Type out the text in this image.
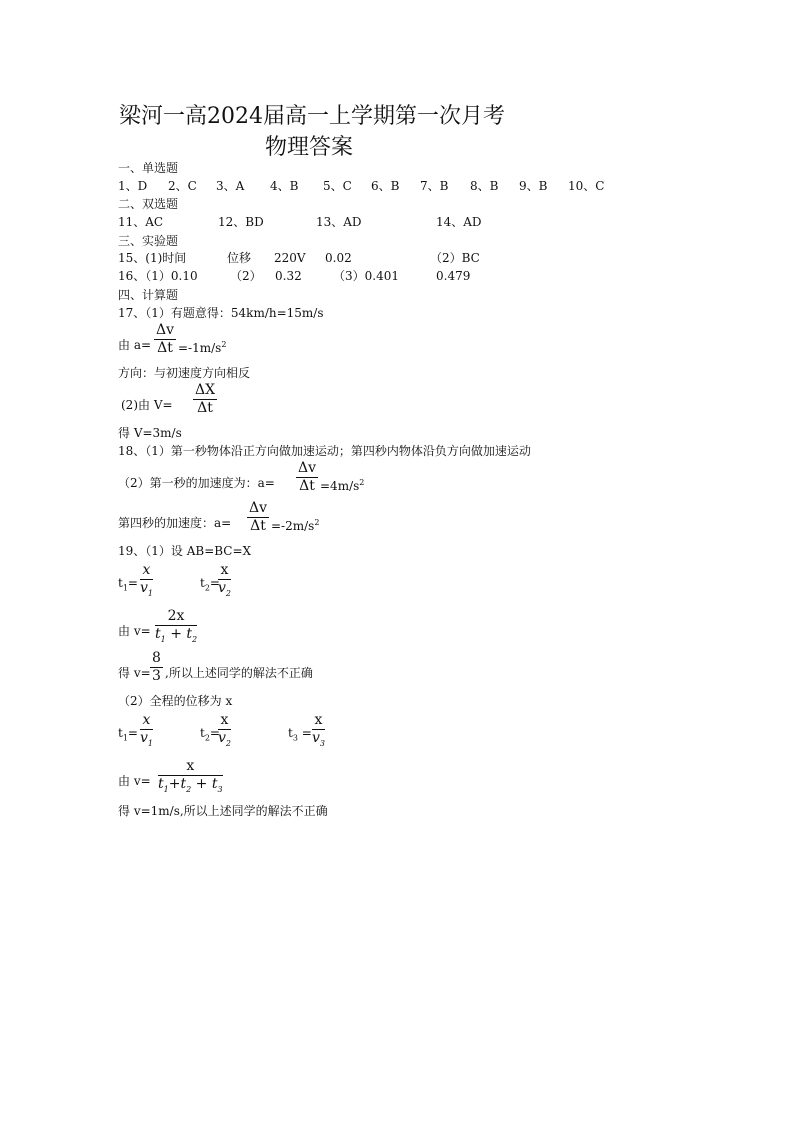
梁河一高2024届高一上学期第一次月考
物理答案
一、单选题
1、D 2、C 3、A 4、B 5、C 6、B 7、B 8、B 9、B 10、C
二、双选题
11、AC	12、BD	13、AD	14、AD
三、实验题
15、(1)时间	位移 220V 0.02	（2）BC
16、（1）0.10	（2） 0.32	（3）0.401	0.479
四、计算题
17、（1）有题意得：54km/h=15m/s
由 $a= \frac{\Delta v}{\Delta t} =-1m/s^2$
方向：与初速度方向相反
(2)由 $V= \frac{\Delta X}{\Delta t}$
得 V=3m/s
18、（1）第一秒物体沿正方向做加速运动；第四秒内物体沿负方向做加速运动
（2）第一秒的加速度为：$a= \frac{\Delta v}{\Delta t} =4m/s^2$
第四秒的加速度：$a= \frac{\Delta v}{\Delta t} =-2m/s^2$
19、（1）设 AB=BC=X
$t_1= \frac{x}{v_1}$	$t_2=$
$\frac{x}{v_2}$
由 $v= \frac{2x}{t_1 + t_2}$
得 $v= \frac{8}{3}$ ,所以上述同学的解法不正确
（2）全程的位移为 x
$t_1= \frac{x}{v_1}$	$t_2=$
$\frac{x}{v_2}$	$t_3 = \frac{x}{v_3}$
由 $v= \frac{x}{t_1+t_2 + t_3}$
得 v=1m/s,所以上述同学的解法不正确
